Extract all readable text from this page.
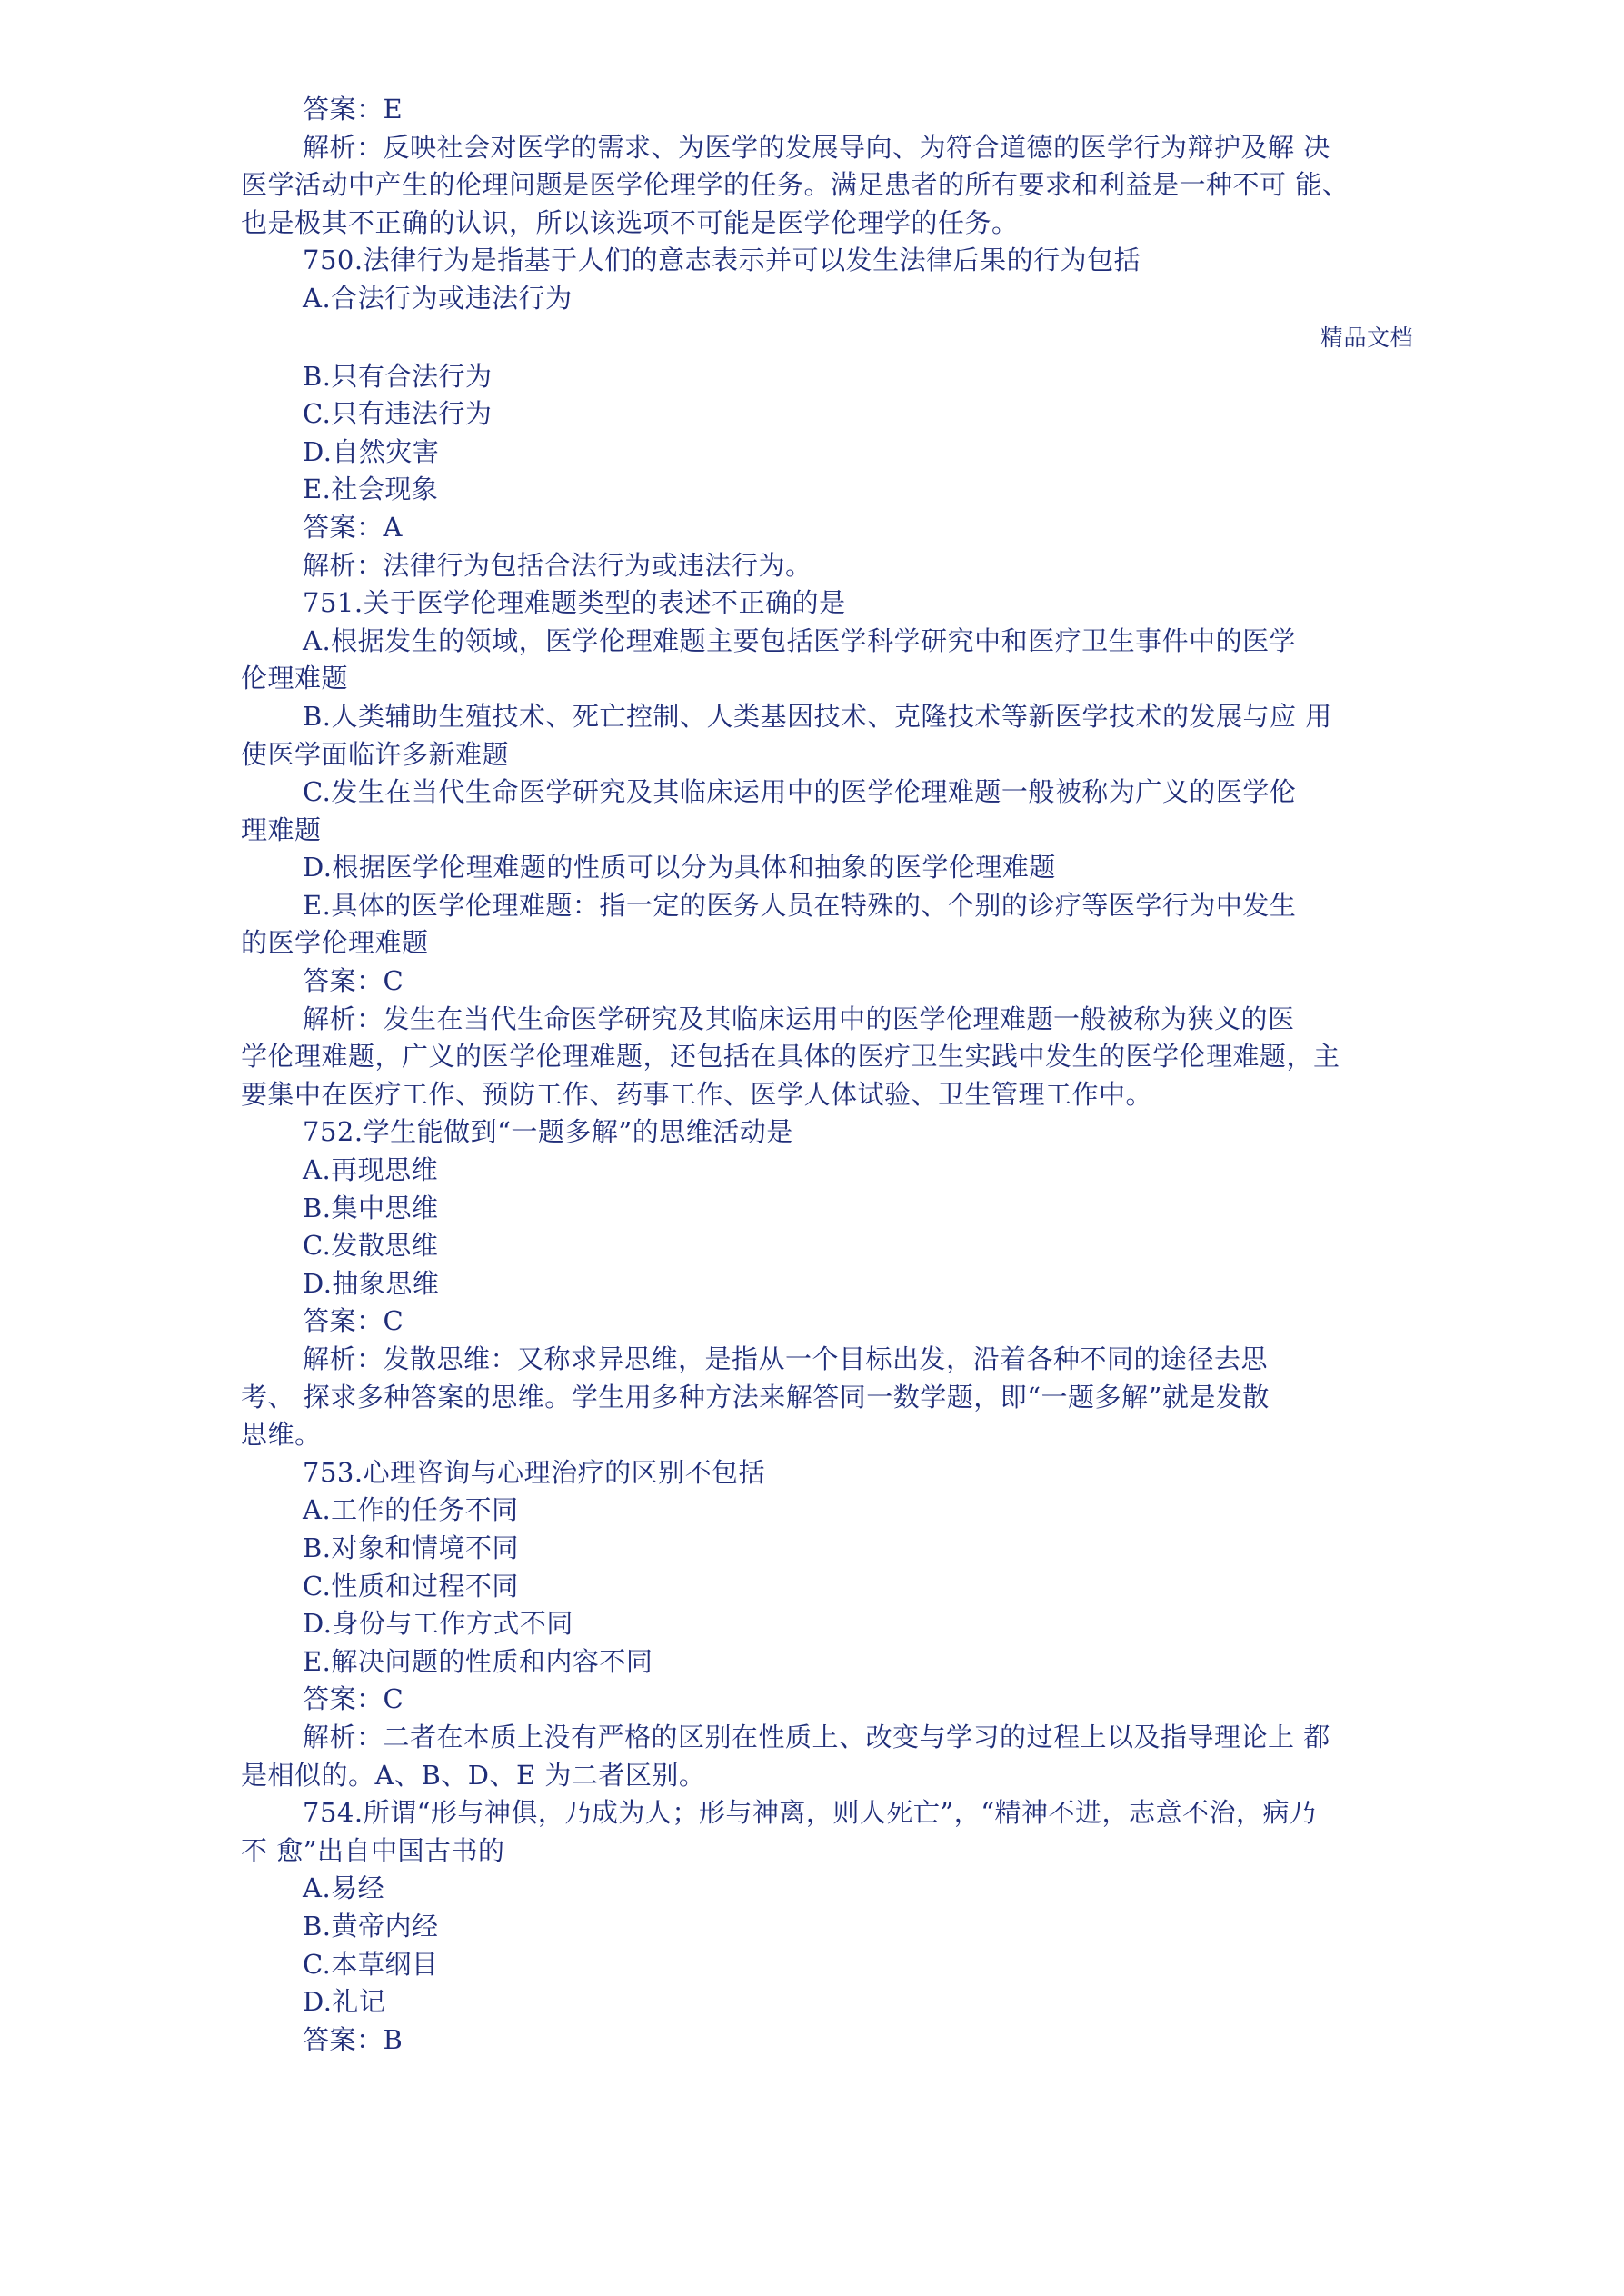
答案：E
解析：反映社会对医学的需求、为医学的发展导向、为符合道德的医学行为辩护及解 决
医学活动中产生的伦理问题是医学伦理学的任务。满足患者的所有要求和利益是一种不可 能、
也是极其不正确的认识，所以该选项不可能是医学伦理学的任务。
750.法律行为是指基于人们的意志表示并可以发生法律后果的行为包括
A.合法行为或违法行为
精品文档
B.只有合法行为
C.只有违法行为
D.自然灾害
E.社会现象
答案：A
解析：法律行为包括合法行为或违法行为。
751.关于医学伦理难题类型的表述不正确的是
A.根据发生的领域，医学伦理难题主要包括医学科学研究中和医疗卫生事件中的医学
伦理难题
B.人类辅助生殖技术、死亡控制、人类基因技术、克隆技术等新医学技术的发展与应 用
使医学面临许多新难题
C.发生在当代生命医学研究及其临床运用中的医学伦理难题一般被称为广义的医学伦
理难题
D.根据医学伦理难题的性质可以分为具体和抽象的医学伦理难题
E.具体的医学伦理难题：指一定的医务人员在特殊的、个别的诊疗等医学行为中发生
的医学伦理难题
答案：C
解析：发生在当代生命医学研究及其临床运用中的医学伦理难题一般被称为狭义的医
学伦理难题，广义的医学伦理难题，还包括在具体的医疗卫生实践中发生的医学伦理难题，主
要集中在医疗工作、预防工作、药事工作、医学人体试验、卫生管理工作中。
752.学生能做到“一题多解”的思维活动是
A.再现思维
B.集中思维
C.发散思维
D.抽象思维
答案：C
解析：发散思维：又称求异思维，是指从一个目标出发，沿着各种不同的途径去思
考、 探求多种答案的思维。学生用多种方法来解答同一数学题，即“一题多解”就是发散
思维。
753.心理咨询与心理治疗的区别不包括
A.工作的任务不同
B.对象和情境不同
C.性质和过程不同
D.身份与工作方式不同
E.解决问题的性质和内容不同
答案：C
解析：二者在本质上没有严格的区别在性质上、改变与学习的过程上以及指导理论上 都
是相似的。A、B、D、E 为二者区别。
754.所谓“形与神俱，乃成为人；形与神离，则人死亡”，“精神不进，志意不治，病乃
不 愈”出自中国古书的
A.易经
B.黄帝内经
C.本草纲目
D.礼记
答案：B
